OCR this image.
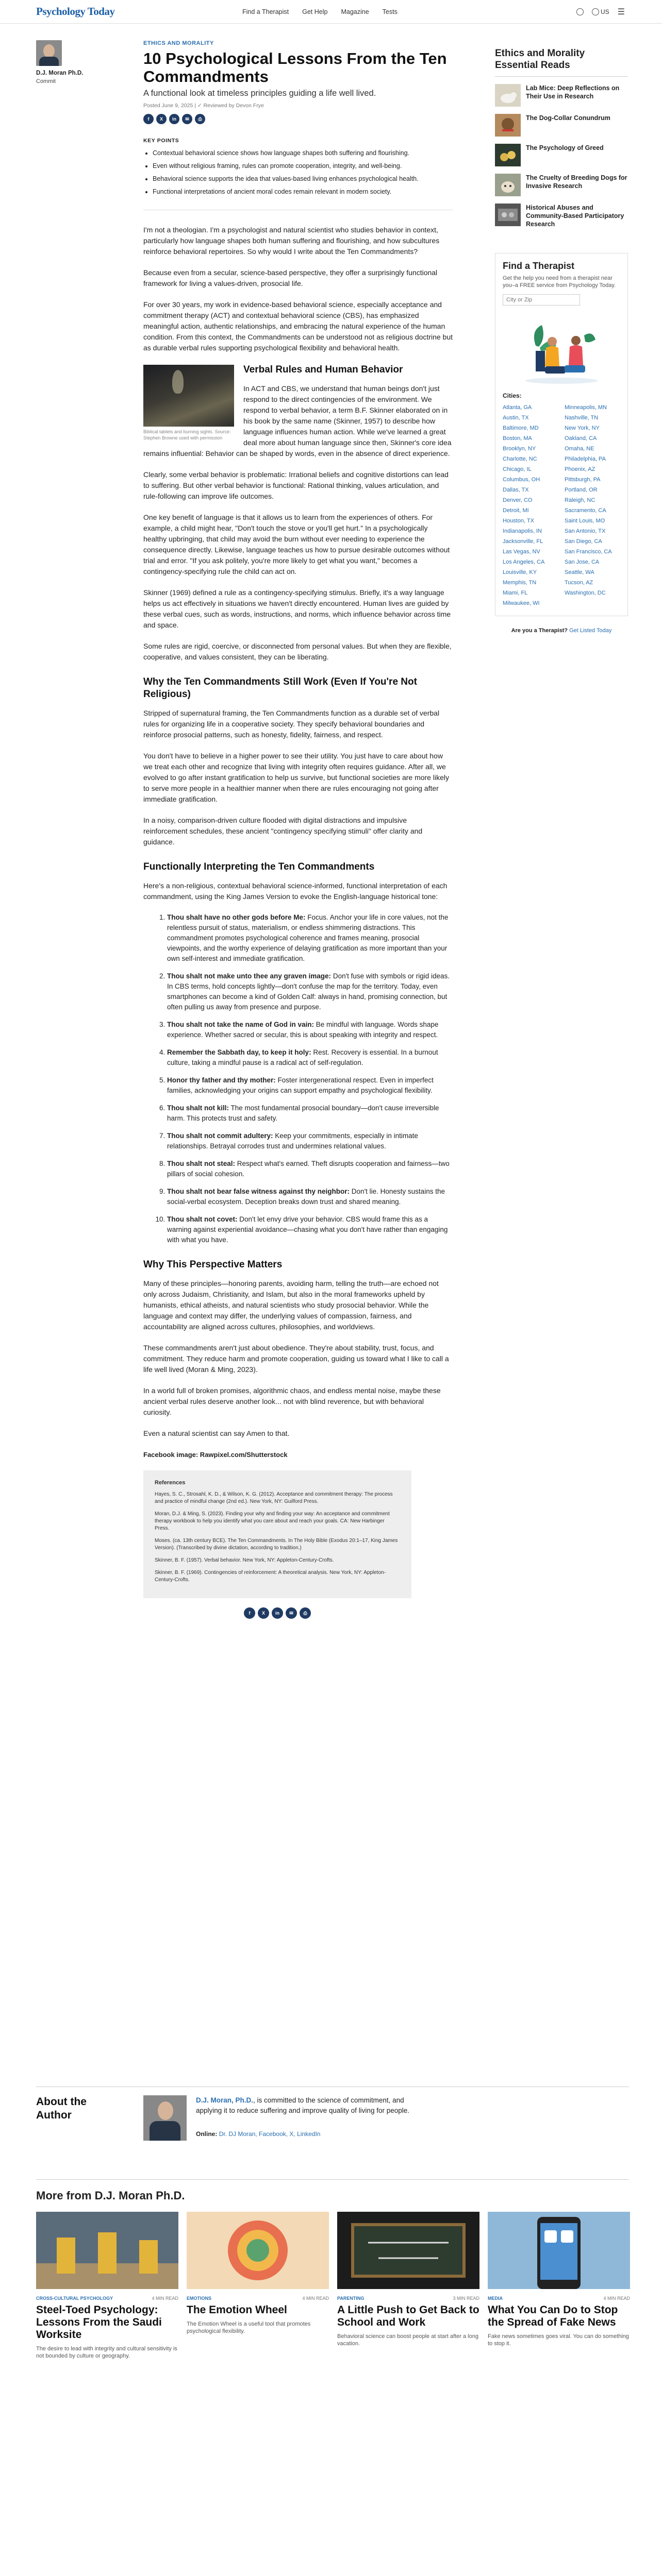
Psychology Today	Find a Therapist Get Help Magazine Tests	US ☰
D.J. Moran Ph.D.
Commit
ETHICS AND MORALITY
10 Psychological Lessons From the Ten Commandments
A functional look at timeless principles guiding a life well lived.
Posted June 9, 2025 | ✓ Reviewed by Devon Frye
f	X	in	✉	⎙
KEY POINTS
• Contextual behavioral science shows how language shapes both suffering and flourishing.
• Even without religious framing, rules can promote cooperation, integrity, and well-being.
• Behavioral science supports the idea that values-based living enhances psychological health.
• Functional interpretations of ancient moral codes remain relevant in modern society.

I'm not a theologian. I'm a psychologist and natural scientist who studies behavior in context, particularly how language shapes both human suffering and flourishing, and how subcultures reinforce behavioral repertoires. So why would I write about the Ten Commandments?

Because even from a secular, science-based perspective, they offer a surprisingly functional framework for living a values-driven, prosocial life.

For over 30 years, my work in evidence-based behavioral science, especially acceptance and commitment therapy (ACT) and contextual behavioral science (CBS), has emphasized meaningful action, authentic relationships, and embracing the natural experience of the human condition. From this context, the Commandments can be understood not as religious doctrine but as durable verbal rules supporting psychological flexibility and behavioral health.

Biblical tablets and burning sights. Source: Stephen Browne used with permission
Verbal Rules and Human Behavior

In ACT and CBS, we understand that human beings don't just respond to the direct contingencies of the environment. We respond to verbal behavior, a term B.F. Skinner elaborated on in his book by the same name (Skinner, 1957) to describe how language influences human action. While we've learned a great deal more about human language since then, Skinner's core idea remains influential: Behavior can be shaped by words, even in the absence of direct experience.

Clearly, some verbal behavior is problematic: Irrational beliefs and cognitive distortions can lead to suffering. But other verbal behavior is functional: Rational thinking, values articulation, and rule-following can improve life outcomes.

One key benefit of language is that it allows us to learn from the experiences of others. For example, a child might hear, "Don't touch the stove or you'll get hurt." In a psychologically healthy upbringing, that child may avoid the burn without ever needing to experience the consequence directly. Likewise, language teaches us how to pursue desirable outcomes without trial and error. "If you ask politely, you're more likely to get what you want," becomes a contingency-specifying rule the child can act on.

Skinner (1969) defined a rule as a contingency-specifying stimulus. Briefly, it's a way language helps us act effectively in situations we haven't directly encountered. Human lives are guided by these verbal cues, such as words, instructions, and norms, which influence behavior across time and space.

Some rules are rigid, coercive, or disconnected from personal values. But when they are flexible, cooperative, and values consistent, they can be liberating.

Why the Ten Commandments Still Work (Even If You're Not Religious)

Stripped of supernatural framing, the Ten Commandments function as a durable set of verbal rules for organizing life in a cooperative society. They specify behavioral boundaries and reinforce prosocial patterns, such as honesty, fidelity, fairness, and respect.

You don't have to believe in a higher power to see their utility. You just have to care about how we treat each other and recognize that living with integrity often requires guidance. After all, we evolved to go after instant gratification to help us survive, but functional societies are more likely to serve more people in a healthier manner when there are rules encouraging not going after immediate gratification.

In a noisy, comparison-driven culture flooded with digital distractions and impulsive reinforcement schedules, these ancient "contingency specifying stimuli" offer clarity and guidance.

Functionally Interpreting the Ten Commandments

Here's a non-religious, contextual behavioral science-informed, functional interpretation of each commandment, using the King James Version to evoke the English-language historical tone:

1. Thou shalt have no other gods before Me: Focus. Anchor your life in core values, not the relentless pursuit of status, materialism, or endless shimmering distractions. This commandment promotes psychological coherence and frames meaning, prosocial viewpoints, and the worthy experience of delaying gratification as more important than your own self-interest and immediate gratification.
2. Thou shalt not make unto thee any graven image: Don't fuse with symbols or rigid ideas. In CBS terms, hold concepts lightly—don't confuse the map for the territory. Today, even smartphones can become a kind of Golden Calf: always in hand, promising connection, but often pulling us away from presence and purpose.
3. Thou shalt not take the name of God in vain: Be mindful with language. Words shape experience. Whether sacred or secular, this is about speaking with integrity and respect.
4. Remember the Sabbath day, to keep it holy: Rest. Recovery is essential. In a burnout culture, taking a mindful pause is a radical act of self-regulation.
5. Honor thy father and thy mother: Foster intergenerational respect. Even in imperfect families, acknowledging your origins can support empathy and psychological flexibility.
6. Thou shalt not kill: The most fundamental prosocial boundary—don't cause irreversible harm. This protects trust and safety.
7. Thou shalt not commit adultery: Keep your commitments, especially in intimate relationships. Betrayal corrodes trust and undermines relational values.
8. Thou shalt not steal: Respect what's earned. Theft disrupts cooperation and fairness—two pillars of social cohesion.
9. Thou shalt not bear false witness against thy neighbor: Don't lie. Honesty sustains the social-verbal ecosystem. Deception breaks down trust and shared meaning.
10. Thou shalt not covet: Don't let envy drive your behavior. CBS would frame this as a warning against experiential avoidance—chasing what you don't have rather than engaging with what you have.
Why This Perspective Matters

Many of these principles—honoring parents, avoiding harm, telling the truth—are echoed not only across Judaism, Christianity, and Islam, but also in the moral frameworks upheld by humanists, ethical atheists, and natural scientists who study prosocial behavior. While the language and context may differ, the underlying values of compassion, fairness, and accountability are aligned across cultures, philosophies, and worldviews.

These commandments aren't just about obedience. They're about stability, trust, focus, and commitment. They reduce harm and promote cooperation, guiding us toward what I like to call a life well lived (Moran & Ming, 2023).

In a world full of broken promises, algorithmic chaos, and endless mental noise, maybe these ancient verbal rules deserve another look... not with blind reverence, but with behavioral curiosity.

Even a natural scientist can say Amen to that.

Facebook image: Rawpixel.com/Shutterstock

References
Hayes, S. C., Strosahl, K. D., & Wilson, K. G. (2012). Acceptance and commitment therapy: The process and practice of mindful change (2nd ed.). New York, NY: Guilford Press.
Moran, D.J. & Ming, S. (2023). Finding your why and finding your way: An acceptance and commitment therapy workbook to help you identify what you care about and reach your goals. CA: New Harbinger Press.
Moses. (ca. 13th century BCE). The Ten Commandments. In The Holy Bible (Exodus 20:1–17, King James Version). (Transcribed by divine dictation, according to tradition.)
Skinner, B. F. (1957). Verbal behavior. New York, NY: Appleton-Century-Crofts.
Skinner, B. F. (1969). Contingencies of reinforcement: A theoretical analysis. New York, NY: Appleton-Century-Crofts.
f	X	in	✉	⎙
Ethics and Morality Essential Reads
Lab Mice: Deep Reflections on Their Use in Research
The Dog-Collar Conundrum
The Psychology of Greed
The Cruelty of Breeding Dogs for Invasive Research
Historical Abuses and Community-Based Participatory Research
Find a Therapist
Get the help you need from a therapist near you–a FREE service from Psychology Today.
City or Zip
Cities:
Atlanta, GA	Minneapolis, MN
Austin, TX	Nashville, TN
Baltimore, MD	New York, NY
Boston, MA	Oakland, CA
Brooklyn, NY	Omaha, NE
Charlotte, NC	Philadelphia, PA
Chicago, IL	Phoenix, AZ
Columbus, OH	Pittsburgh, PA
Dallas, TX	Portland, OR
Denver, CO	Raleigh, NC
Detroit, MI	Sacramento, CA
Houston, TX	Saint Louis, MO
Indianapolis, IN	San Antonio, TX
Jacksonville, FL	San Diego, CA
Las Vegas, NV	San Francisco, CA
Los Angeles, CA	San Jose, CA
Louisville, KY	Seattle, WA
Memphis, TN	Tucson, AZ
Miami, FL	Washington, DC
Milwaukee, WI
Are you a Therapist? Get Listed Today
About the Author
D.J. Moran, Ph.D., is committed to the science of commitment, and applying it to reduce suffering and improve quality of living for people.
Online: Dr. DJ Moran, Facebook, X, LinkedIn
More from D.J. Moran Ph.D.
CROSS-CULTURAL PSYCHOLOGY	4 MIN READ
Steel-Toed Psychology: Lessons From the Saudi Worksite
The desire to lead with integrity and cultural sensitivity is not bounded by culture or geography.
EMOTIONS	4 MIN READ
The Emotion Wheel
The Emotion Wheel is a useful tool that promotes psychological flexibility.
PARENTING	3 MIN READ
A Little Push to Get Back to School and Work
Behavioral science can boost people at start after a long vacation.
MEDIA	4 MIN READ
What You Can Do to Stop the Spread of Fake News
Fake news sometimes goes viral. You can do something to stop it.
